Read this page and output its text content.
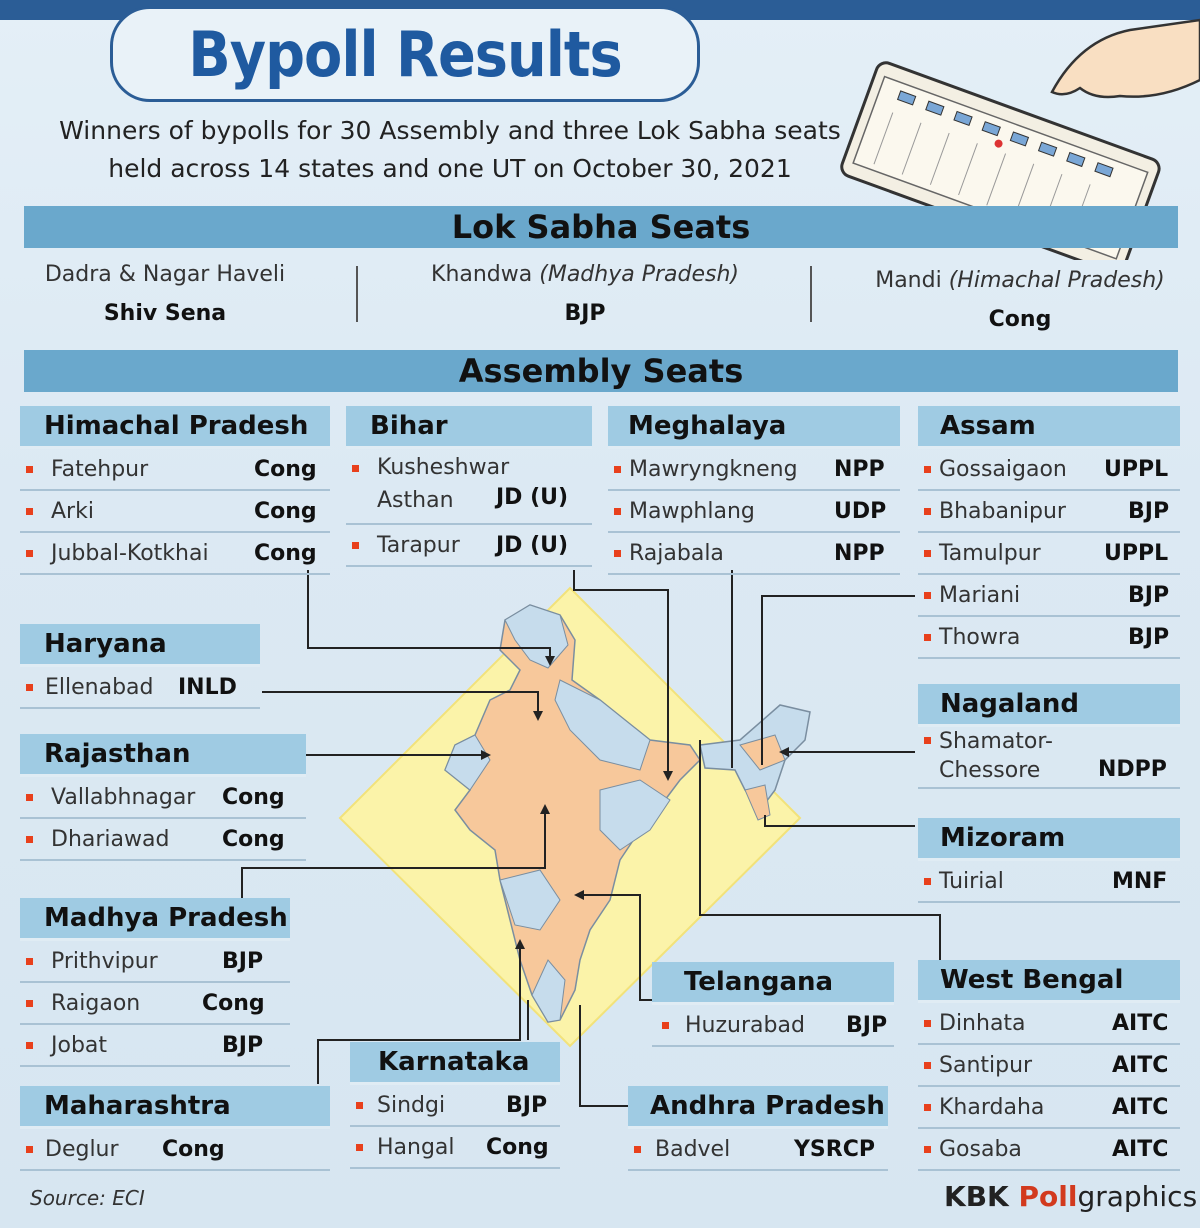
Bypoll Results
Winners of bypolls for 30 Assembly and three Lok Sabha seats
held across 14 states and one UT on October 30, 2021
Lok Sabha Seats
Dadra & Nagar Haveli
Shiv Sena
Khandwa (Madhya Pradesh)
BJP
Mandi (Himachal Pradesh)
Cong
Assembly Seats
Himachal Pradesh
Fatehpur	Cong
Arki	Cong
Jubbal-Kotkhai	Cong
Bihar
Kusheshwar
Asthan	JD (U)
Tarapur	JD (U)
Meghalaya
Mawryngkneng	NPP
Mawphlang	UDP
Rajabala	NPP
Assam
Gossaigaon	UPPL
Bhabanipur	BJP
Tamulpur	UPPL
Mariani	BJP
Thowra	BJP
Haryana
Ellenabad	INLD
Rajasthan
Vallabhnagar	Cong
Dhariawad	Cong
Nagaland
Shamator-
Chessore	NDPP
Mizoram
Tuirial	MNF
Madhya Pradesh
Prithvipur	BJP
Raigaon	Cong
Jobat	BJP
Telangana
Huzurabad	BJP
West Bengal
Dinhata	AITC
Santipur	AITC
Khardaha	AITC
Gosaba	AITC
Karnataka
Sindgi	BJP
Hangal	Cong
Maharashtra
Deglur	Cong
Andhra Pradesh
Badvel	YSRCP
Source: ECI	KBK Pollgraphics
